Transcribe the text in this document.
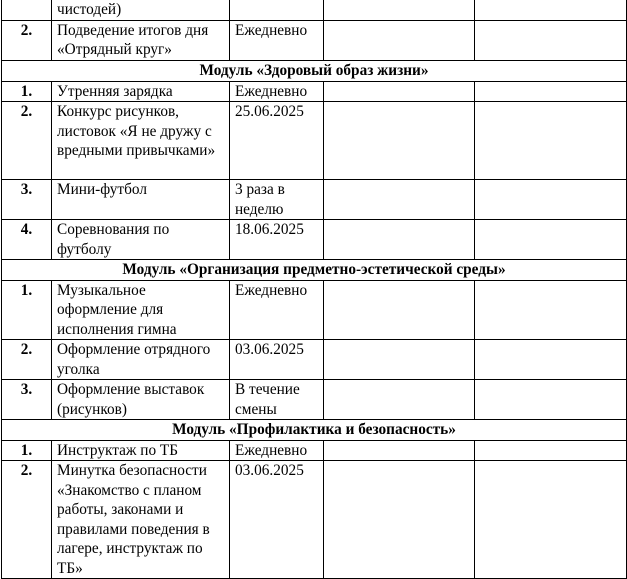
	чистодей)			
2.	Подведение итогов дня «Отрядный круг»	Ежедневно		
Модуль «Здоровый образ жизни»				
1.	Утренняя зарядка	Ежедневно		
2.	Конкурс рисунков, листовок «Я не дружу с вредными привычками»	25.06.2025		
3.	Мини-футбол	3 раза в неделю		
4.	Соревнования по футболу	18.06.2025		
Модуль «Организация предметно-эстетической среды»				
1.	Музыкальное оформление для исполнения гимна	Ежедневно		
2.	Оформление отрядного уголка	03.06.2025		
3.	Оформление выставок (рисунков)	В течение смены		
Модуль «Профилактика и безопасность»				
1.	Инструктаж по ТБ	Ежедневно		
2.	Минутка безопасности «Знакомство с планом работы, законами и правилами поведения в лагере, инструктаж по ТБ»	03.06.2025		
